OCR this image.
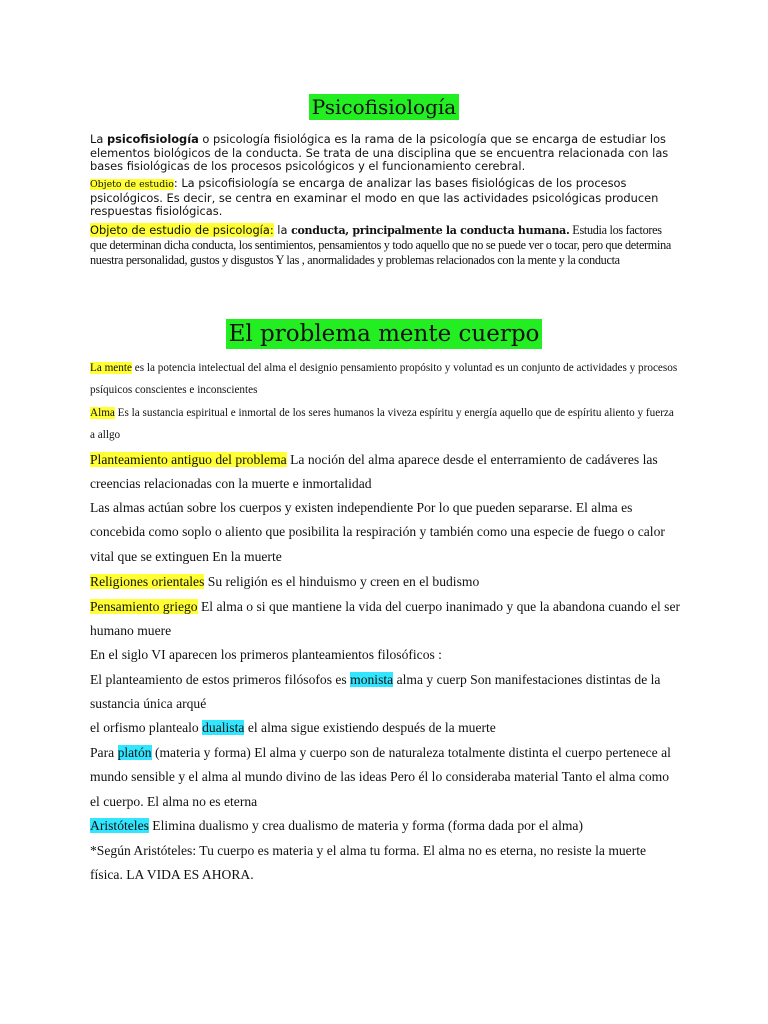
Psicofisiología
La psicofisiología o psicología fisiológica es la rama de la psicología que se encarga de estudiar los elementos biológicos de la conducta. Se trata de una disciplina que se encuentra relacionada con las bases fisiológicas de los procesos psicológicos y el funcionamiento cerebral.
Objeto de estudio: La psicofisiología se encarga de analizar las bases fisiológicas de los procesos psicológicos. Es decir, se centra en examinar el modo en que las actividades psicológicas producen respuestas fisiológicas.
Objeto de estudio de psicología: la conducta, principalmente la conducta humana. Estudia los factores que determinan dicha conducta, los sentimientos, pensamientos y todo aquello que no se puede ver o tocar, pero que determina nuestra personalidad, gustos y disgustos Y las , anormalidades y problemas relacionados con la mente y la conducta
El problema mente cuerpo
La mente es la potencia intelectual del alma el designio pensamiento propósito y voluntad es un conjunto de actividades y procesos psíquicos conscientes e inconscientes
Alma Es la sustancia espiritual e inmortal de los seres humanos la viveza espíritu y energía aquello que de espíritu aliento y fuerza a allgo
Planteamiento antiguo del problema La noción del alma aparece desde el enterramiento de cadáveres las creencias relacionadas con la muerte e inmortalidad
Las almas actúan sobre los cuerpos y existen independiente Por lo que pueden separarse. El alma es concebida como soplo o aliento que posibilita la respiración y también como una especie de fuego o calor vital que se extinguen En la muerte
Religiones orientales Su religión es el hinduismo y creen en el budismo
Pensamiento griego El alma o si que mantiene la vida del cuerpo inanimado y que la abandona cuando el ser humano muere
En el siglo VI aparecen los primeros planteamientos filosóficos :
El planteamiento de estos primeros filósofos es monista alma y cuerp Son manifestaciones distintas de la sustancia única arqué
el orfismo plantealo dualista el alma sigue existiendo después de la muerte
Para platón (materia y forma) El alma y cuerpo son de naturaleza totalmente distinta el cuerpo pertenece al mundo sensible y el alma al mundo divino de las ideas Pero él lo consideraba material Tanto el alma como el cuerpo. El alma no es eterna
Aristóteles Elimina dualismo y crea dualismo de materia y forma (forma dada por el alma)
*Según Aristóteles: Tu cuerpo es materia y el alma tu forma. El alma no es eterna, no resiste la muerte física. LA VIDA ES AHORA.
